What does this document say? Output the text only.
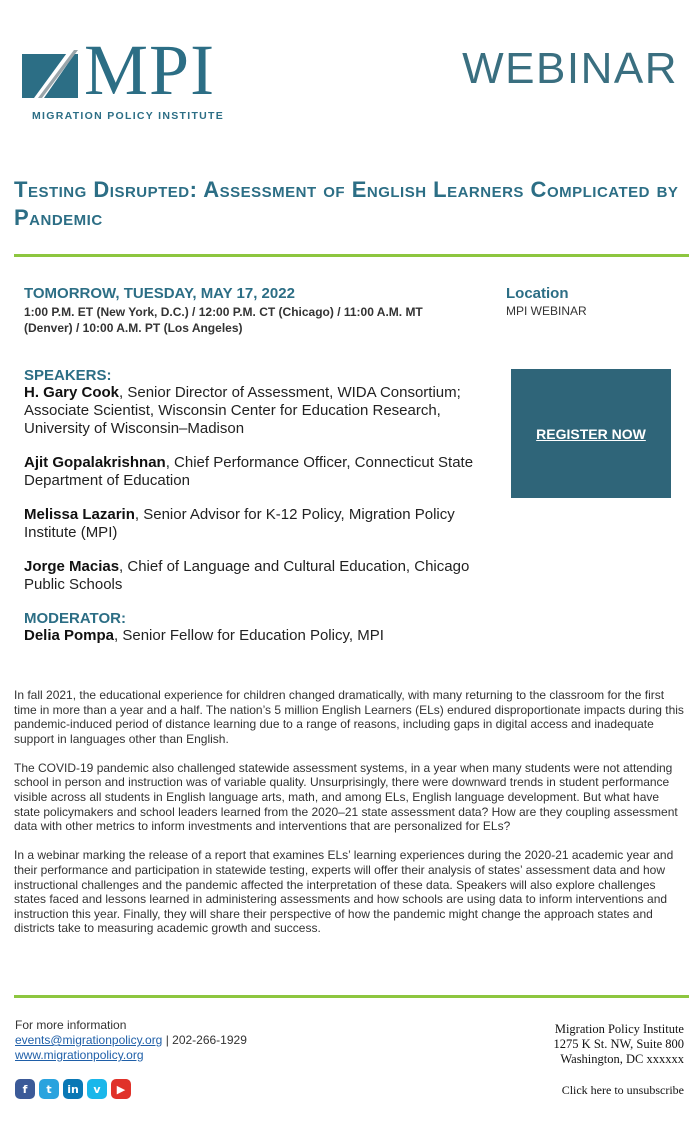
MPI
MIGRATION POLICY INSTITUTE
WEBINAR
Testing Disrupted: Assessment of English Learners Complicated by Pandemic
TOMORROW, TUESDAY, MAY 17, 2022
1:00 P.M. ET (New York, D.C.) / 12:00 P.M. CT (Chicago) / 11:00 A.M. MT (Denver) / 10:00 A.M. PT (Los Angeles)
Location
MPI WEBINAR
SPEAKERS:
H. Gary Cook, Senior Director of Assessment, WIDA Consortium; Associate Scientist, Wisconsin Center for Education Research, University of Wisconsin–Madison
Ajit Gopalakrishnan, Chief Performance Officer, Connecticut State Department of Education
Melissa Lazarin, Senior Advisor for K-12 Policy, Migration Policy Institute (MPI)
Jorge Macias, Chief of Language and Cultural Education, Chicago Public Schools
MODERATOR:
Delia Pompa, Senior Fellow for Education Policy, MPI
REGISTER NOW

In fall 2021, the educational experience for children changed dramatically, with many returning to the classroom for the first time in more than a year and a half. The nation’s 5 million English Learners (ELs) endured disproportionate impacts during this pandemic-induced period of distance learning due to a range of reasons, including gaps in digital access and inadequate support in languages other than English.

The COVID-19 pandemic also challenged statewide assessment systems, in a year when many students were not attending school in person and instruction was of variable quality. Unsurprisingly, there were downward trends in student performance visible across all students in English language arts, math, and among ELs, English language development. But what have state policymakers and school leaders learned from the 2020–21 state assessment data? How are they coupling assessment data with other metrics to inform investments and interventions that are personalized for ELs?

In a webinar marking the release of a report that examines ELs’ learning experiences during the 2020-21 academic year and their performance and participation in statewide testing, experts will offer their analysis of states’ assessment data and how instructional challenges and the pandemic affected the interpretation of these data. Speakers will also explore challenges states faced and lessons learned in administering assessments and how schools are using data to inform interventions and instruction this year. Finally, they will share their perspective of how the pandemic might change the approach states and districts take to measuring academic growth and success.

For more information
events@migrationpolicy.org | 202-266-1929
www.migrationpolicy.org
f	t	in	v	▶
Migration Policy Institute
1275 K St. NW, Suite 800
Washington, DC xxxxxx
Click here to unsubscribe
